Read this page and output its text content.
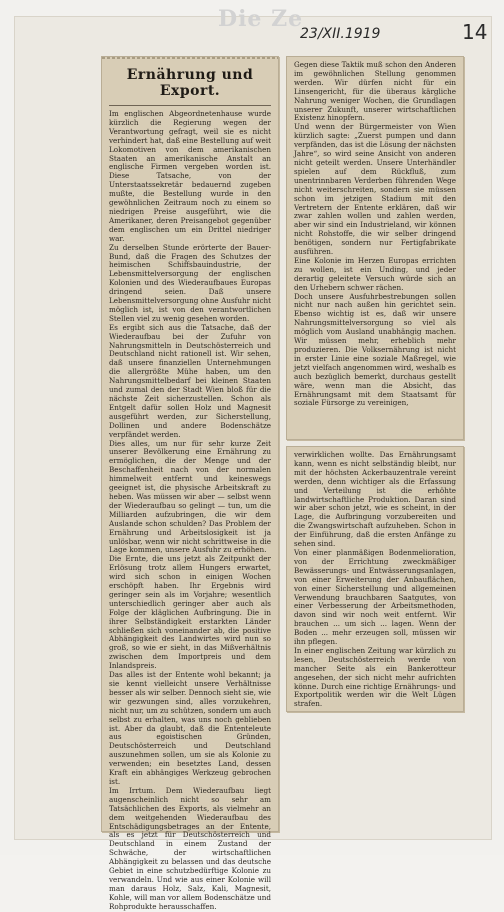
Die Ze
23/XII.1919	14
Ernährung und Export.

Im englischen Abgeordnetenhause wurde kürzlich die Regierung wegen der Verantwortung gefragt, weil sie es nicht verhindert hat, daß eine Bestellung auf weit Lokomotiven von dem amerikanischen Staaten an amerikanische Anstalt an englische Firmen vergeben worden ist. Diese Tatsache, von der Unterstaatssekretär bedauernd zugeben mußte, die Bestellung wurde in den gewöhnlichen Zeitraum noch zu einem so niedrigen Preise ausgeführt, wie die Amerikaner, deren Preisangebot gegenüber dem englischen um ein Drittel niedriger war.

Zu derselben Stunde erörterte der Bauer-Bund, daß die Fragen des Schutzes der heimischen Schiffsbauindustrie, der Lebensmittelversorgung der englischen Kolonien und des Wiederaufbaues Europas dringend seien. Daß unsere Lebensmittelversorgung ohne Ausfuhr nicht möglich ist, ist von den verantwortlichen Stellen viel zu wenig gesehen worden.

Es ergibt sich aus die Tatsache, daß der Wiederaufbau bei der Zufuhr von Nahrungsmitteln in Deutschösterreich und Deutschland nicht rationell ist. Wir sehen, daß unsere finanziellen Unternehmungen die allergrößte Mühe haben, um den Nahrungsmittelbedarf bei kleinen Staaten und zumal den der Stadt Wien bloß für die nächste Zeit sicherzustellen. Schon als Entgelt dafür sollen Holz und Magnesit ausgeführt werden, zur Sicherstellung, Dollinen und andere Bodenschätze verpfändet werden.

Dies alles, um nur für sehr kurze Zeit unserer Bevölkerung eine Ernährung zu ermöglichen, die der Menge und der Beschaffenheit nach von der normalen himmelweit entfernt und keineswegs geeignet ist, die physische Arbeitskraft zu heben. Was müssen wir aber — selbst wenn der Wiederaufbau so gelingt — tun, um die Milliarden aufzubringen, die wir dem Auslande schon schulden? Das Problem der Ernährung und Arbeitslosigkeit ist ja unlösbar, wenn wir nicht schrittweise in die Lage kommen, unsere Ausfuhr zu erhöhen.

Die Ernte, die uns jetzt als Zeitpunkt der Erlösung trotz allem Hungers erwartet, wird sich schon in einigen Wochen erschöpft haben. Ihr Ergebnis wird geringer sein als im Vorjahre; wesentlich unterschiedlich geringer aber auch als Folge der kläglichen Aufbringung. Die in ihrer Selbständigkeit erstarkten Länder schließen sich voneinander ab, die positive Abhängigkeit des Landwirtes wird nun so groß, so wie er sieht, in das Mißverhältnis zwischen dem Importpreis und dem Inlandspreis.

Das alles ist der Entente wohl bekannt; ja sie kennt vielleicht unsere Verhältnisse besser als wir selber. Dennoch sieht sie, wie wir gezwungen sind, alles vorzukehren, nicht nur, um zu schützen, sondern um auch selbst zu erhalten, was uns noch geblieben ist. Aber da glaubt, daß die Ententeleute aus egoistischen Gründen, Deutschösterreich und Deutschland auszunehmen sollen, um sie als Kolonie zu verwenden; ein besetztes Land, dessen Kraft ein abhängiges Werkzeug gebrochen ist.

Im Irrtum. Dem Wiederaufbau liegt augenscheinlich nicht so sehr am Tatsächlichen des Exports, als vielmehr an dem weitgehenden Wiederaufbau des Entschädigungsbetrages an der Entente, als es jetzt für Deutschösterreich und Deutschland in einem Zustand der Schwäche, der wirtschaftlichen Abhängigkeit zu belassen und das deutsche Gebiet in eine schutzbedürftige Kolonie zu verwandeln. Und wie aus einer Kolonie will man daraus Holz, Salz, Kali, Magnesit, Kohle, will man vor allem Bodenschätze und Rohprodukte herausschaffen.

Gegen diese Taktik muß schon den Anderen im gewöhnlichen Stellung genommen werden. Wir dürfen nicht für ein Linsengericht, für die überaus kärgliche Nahrung weniger Wochen, die Grundlagen unserer Zukunft, unserer wirtschaftlichen Existenz hinopfern.

Und wenn der Bürgermeister von Wien kürzlich sagte: „Zuerst pumpen und dann verpfänden, das ist die Lösung der nächsten Jahre“, so wird seine Ansicht von anderen nicht geteilt werden. Unsere Unterhändler spielen auf dem Rückfluß, zum unentrinnbaren Verderben führenden Wege nicht weiterschreiten, sondern sie müssen schon im jetzigen Stadium mit den Vertretern der Entente erklären, daß wir zwar zahlen wollen und zahlen werden, aber wir sind ein Industrieland, wir können nicht Rohstoffe, die wir selber dringend benötigen, sondern nur Fertigfabrikate ausführen.

Eine Kolonie im Herzen Europas errichten zu wollen, ist ein Unding, und jeder derartig geleitete Versuch würde sich an den Urhebern schwer rächen.

Doch unsere Ausfuhrbestrebungen sollen nicht nur nach außen hin gerichtet sein. Ebenso wichtig ist es, daß wir unsere Nahrungsmittelversorgung so viel als möglich vom Ausland unabhängig machen. Wir müssen mehr, erheblich mehr produzieren. Die Volksernährung ist nicht in erster Linie eine soziale Maßregel, wie jetzt vielfach angenommen wird, weshalb es auch bezüglich bemerkt, durchaus gestellt wäre, wenn man die Absicht, das Ernährungsamt mit dem Staatsamt für soziale Fürsorge zu vereinigen,

verwirklichen wollte. Das Ernährungsamt kann, wenn es nicht selbständig bleibt, nur mit der höchsten Ackerbauzentrale vereint werden, denn wichtiger als die Erfassung und Verteilung ist die erhöhte landwirtschaftliche Produktion. Daran sind wir aber schon jetzt, wie es scheint, in der Lage, die Aufbringung vorzubereiten und die Zwangswirtschaft aufzuheben. Schon in der Einführung, daß die ersten Anfänge zu sehen sind.

Von einer planmäßigen Bodenmelioration, von der Errichtung zweckmäßiger Bewässerungs- und Entwässerungsanlagen, von einer Erweiterung der Anbauflächen, von einer Sicherstellung und allgemeinen Verwendung brauchbaren Saatgutes, von einer Verbesserung der Arbeitsmethoden, davon sind wir noch weit entfernt. Wir brauchen ... um sich ... lagen. Wenn der Boden ... mehr erzeugen soll, müssen wir ihn pflegen.

In einer englischen Zeitung war kürzlich zu lesen, Deutschösterreich werde von mancher Seite als ein Bankerotteur angesehen, der sich nicht mehr aufrichten könne. Durch eine richtige Ernährungs- und Exportpolitik werden wir die Welt Lügen strafen.
